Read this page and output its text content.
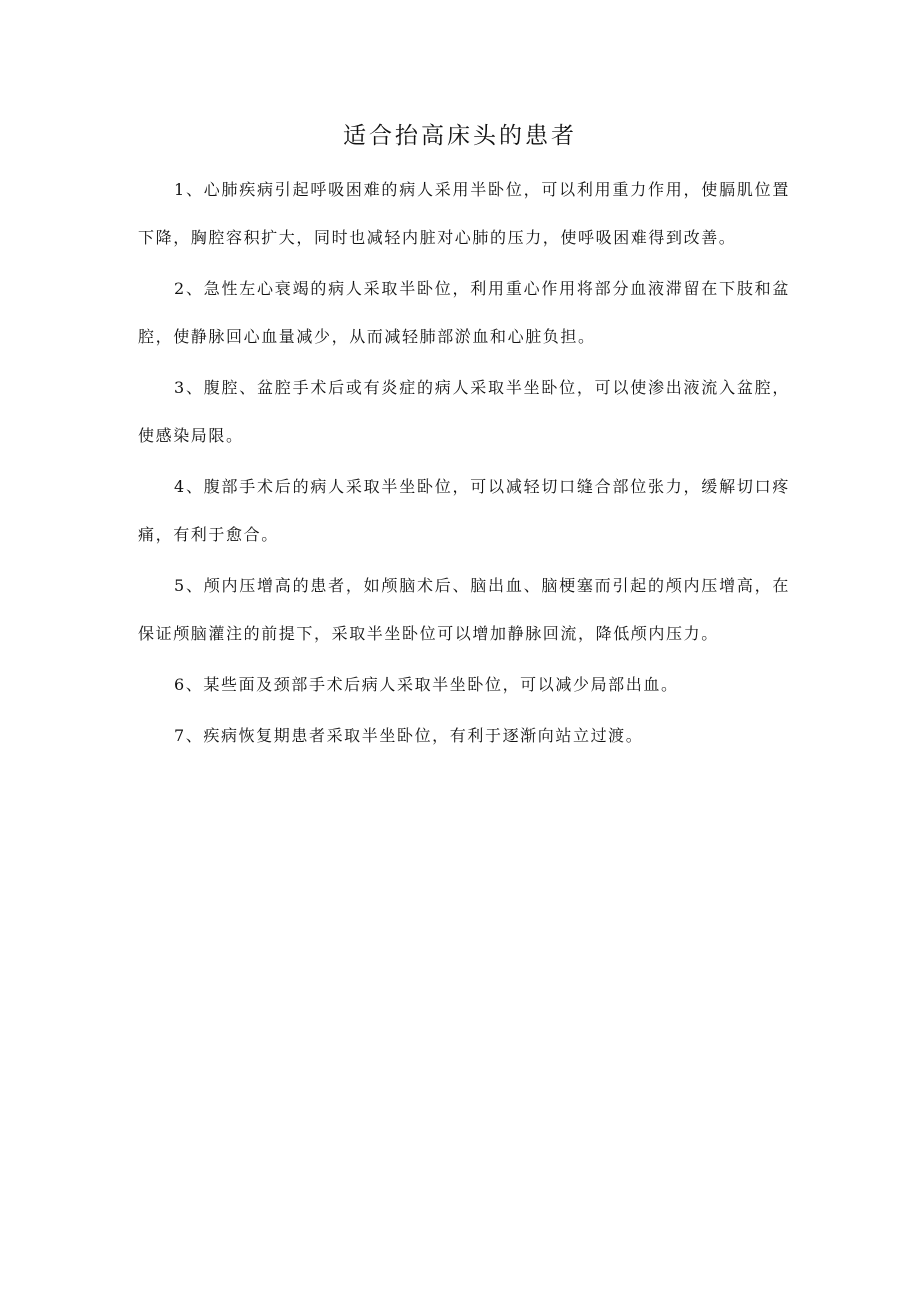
适合抬高床头的患者

1、心肺疾病引起呼吸困难的病人采用半卧位，可以利用重力作用，使膈肌位置下降，胸腔容积扩大，同时也减轻内脏对心肺的压力，使呼吸困难得到改善。

2、急性左心衰竭的病人采取半卧位，利用重心作用将部分血液滞留在下肢和盆腔，使静脉回心血量减少，从而减轻肺部淤血和心脏负担。

3、腹腔、盆腔手术后或有炎症的病人采取半坐卧位，可以使渗出液流入盆腔，使感染局限。

4、腹部手术后的病人采取半坐卧位，可以减轻切口缝合部位张力，缓解切口疼痛，有利于愈合。

5、颅内压增高的患者，如颅脑术后、脑出血、脑梗塞而引起的颅内压增高，在保证颅脑灌注的前提下，采取半坐卧位可以增加静脉回流，降低颅内压力。

6、某些面及颈部手术后病人采取半坐卧位，可以减少局部出血。

7、疾病恢复期患者采取半坐卧位，有利于逐渐向站立过渡。
